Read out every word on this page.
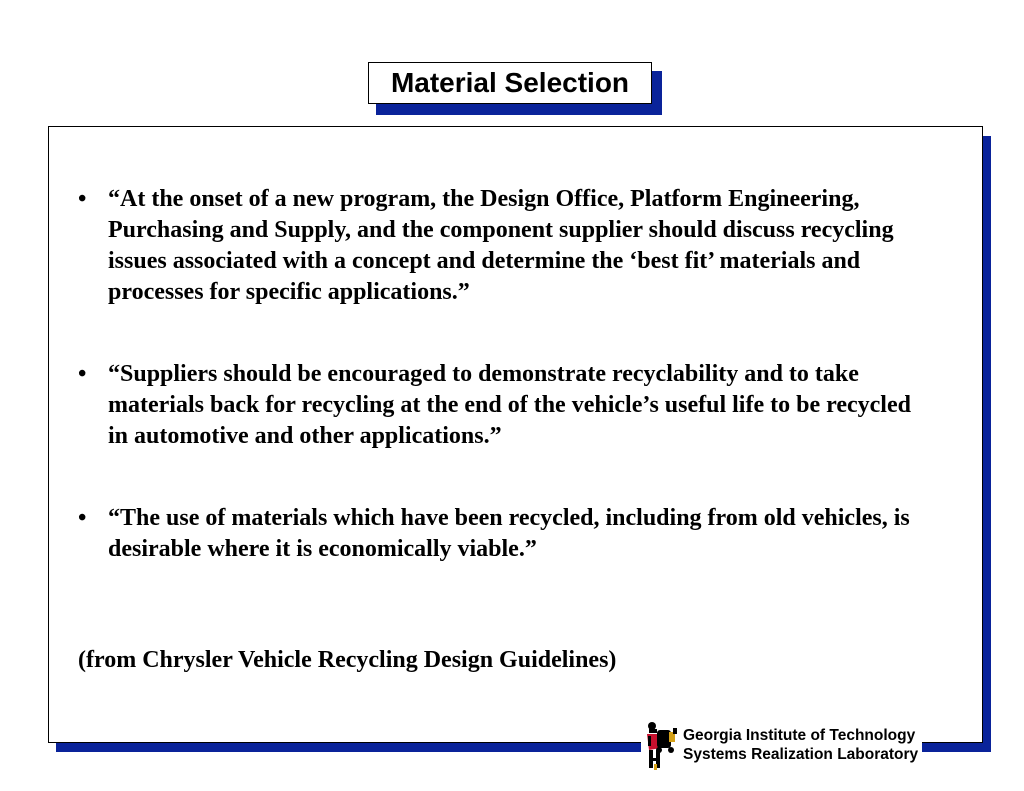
Material Selection
• “At the onset of a new program, the Design Office, Platform Engineering, Purchasing and Supply, and the component supplier should discuss recycling issues associated with a concept and determine the ‘best fit’ materials and processes for specific applications.”
• “Suppliers should be encouraged to demonstrate recyclability and to take materials back for recycling at the end of the vehicle’s useful life to be recycled in automotive and other applications.”
• “The use of materials which have been recycled, including from old vehicles, is desirable where it is economically viable.”
(from Chrysler Vehicle Recycling Design Guidelines)
Georgia Institute of Technology
Systems Realization Laboratory
